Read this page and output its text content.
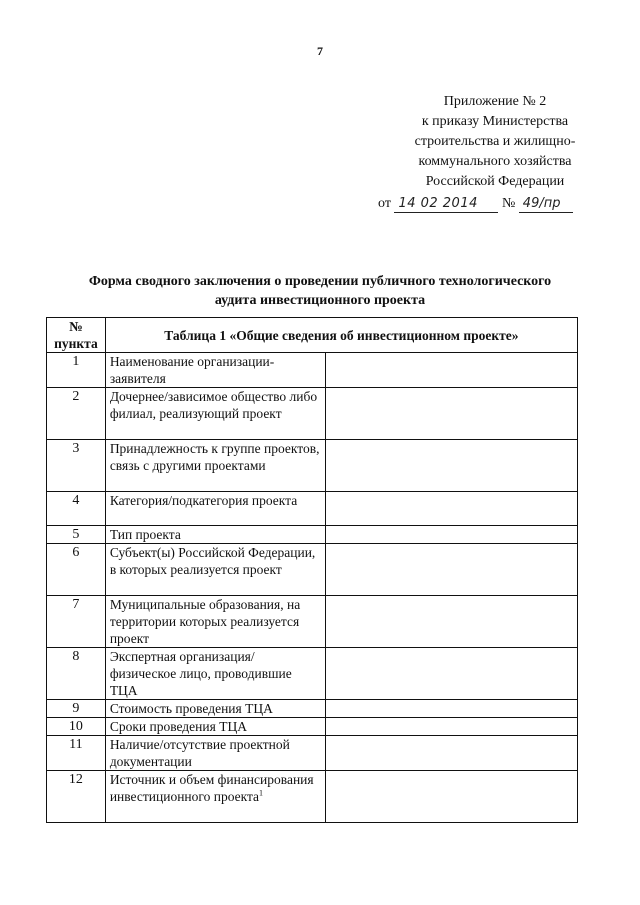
7
Приложение № 2
к приказу Министерства
строительства и жилищно-
коммунального хозяйства
Российской Федерации
от 14 02 2014 № 49/пр
Форма сводного заключения о проведении публичного технологического
аудита инвестиционного проекта
№
пункта	Таблица 1 «Общие сведения об инвестиционном проекте»	
1	Наименование организации-заявителя	
2	Дочернее/зависимое общество либо филиал, реализующий проект	
3	Принадлежность к группе проектов, связь с другими проектами	
4	Категория/подкатегория проекта	
5	Тип проекта	
6	Субъект(ы) Российской Федерации, в которых реализуется проект	
7	Муниципальные образования, на территории которых реализуется проект	
8	Экспертная организация/физическое лицо, проводившие ТЦА	
9	Стоимость проведения ТЦА	
10	Сроки проведения ТЦА	
11	Наличие/отсутствие проектной документации	
12	Источник и объем финансирования инвестиционного проекта$^1$	
